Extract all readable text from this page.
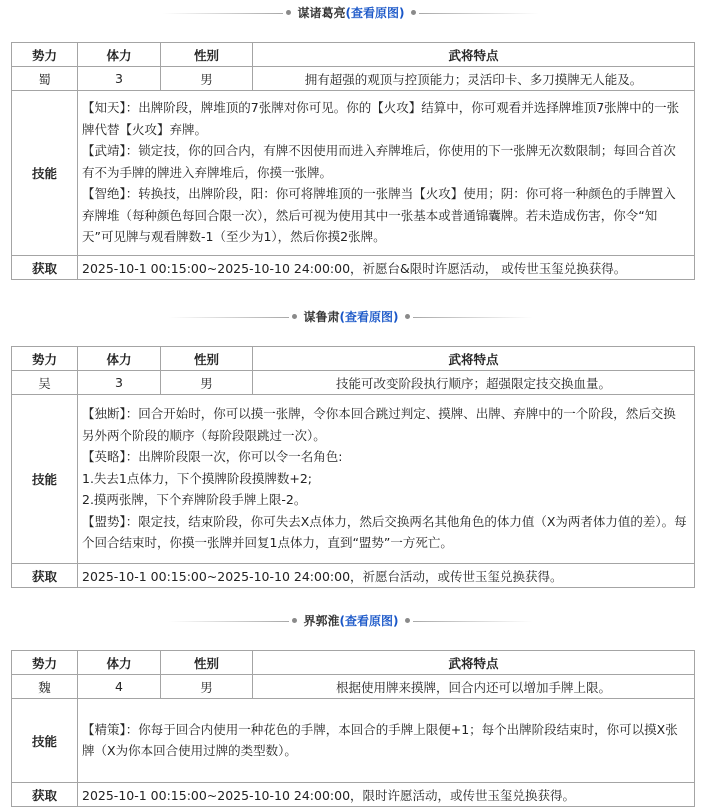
谋诸葛亮(查看原图)
势力	体力	性别	武将特点
蜀	3	男	拥有超强的观顶与控顶能力；灵活印卡、多刀摸牌无人能及。
技能	【知天】：出牌阶段，牌堆顶的7张牌对你可见。你的【火攻】结算中，你可观看并选择牌堆顶7张牌中的一张牌代替【火攻】弃牌。

【武靖】：锁定技，你的回合内，有牌不因使用而进入弃牌堆后，你使用的下一张牌无次数限制；每回合首次有不为手牌的牌进入弃牌堆后，你摸一张牌。

【智绝】：转换技，出牌阶段，阳：你可将牌堆顶的一张牌当【火攻】使用；阴：你可将一种颜色的手牌置入弃牌堆（每种颜色每回合限一次），然后可视为使用其中一张基本或普通锦囊牌。若未造成伤害，你令“知天”可见牌与观看牌数-1（至少为1），然后你摸2张牌。		

获取	2025-10-1 00:15:00~2025-10-10 24:00:00，祈愿台&限时许愿活动， 或传世玉玺兑换获得。		
谋鲁肃(查看原图)
势力	体力	性别	武将特点
吴	3	男	技能可改变阶段执行顺序；超强限定技交换血量。
技能	【独断】：回合开始时，你可以摸一张牌，令你本回合跳过判定、摸牌、出牌、弃牌中的一个阶段，然后交换另外两个阶段的顺序（每阶段限跳过一次）。

【英略】：出牌阶段限一次，你可以令一名角色:

1.失去1点体力，下个摸牌阶段摸牌数+2;

2.摸两张牌，下个弃牌阶段手牌上限-2。

【盟势】：限定技，结束阶段，你可失去X点体力，然后交换两名其他角色的体力值（X为两者体力值的差）。每个回合结束时，你摸一张牌并回复1点体力，直到“盟势”一方死亡。		

获取	2025-10-1 00:15:00~2025-10-10 24:00:00，祈愿台活动，或传世玉玺兑换获得。		
界郭淮(查看原图)
势力	体力	性别	武将特点
魏	4	男	根据使用牌来摸牌，回合内还可以增加手牌上限。
技能	【精策】：你每于回合内使用一种花色的手牌，本回合的手牌上限便+1；每个出牌阶段结束时，你可以摸X张牌（X为你本回合使用过牌的类型数）。		

获取	2025-10-1 00:15:00~2025-10-10 24:00:00，限时许愿活动，或传世玉玺兑换获得。		
